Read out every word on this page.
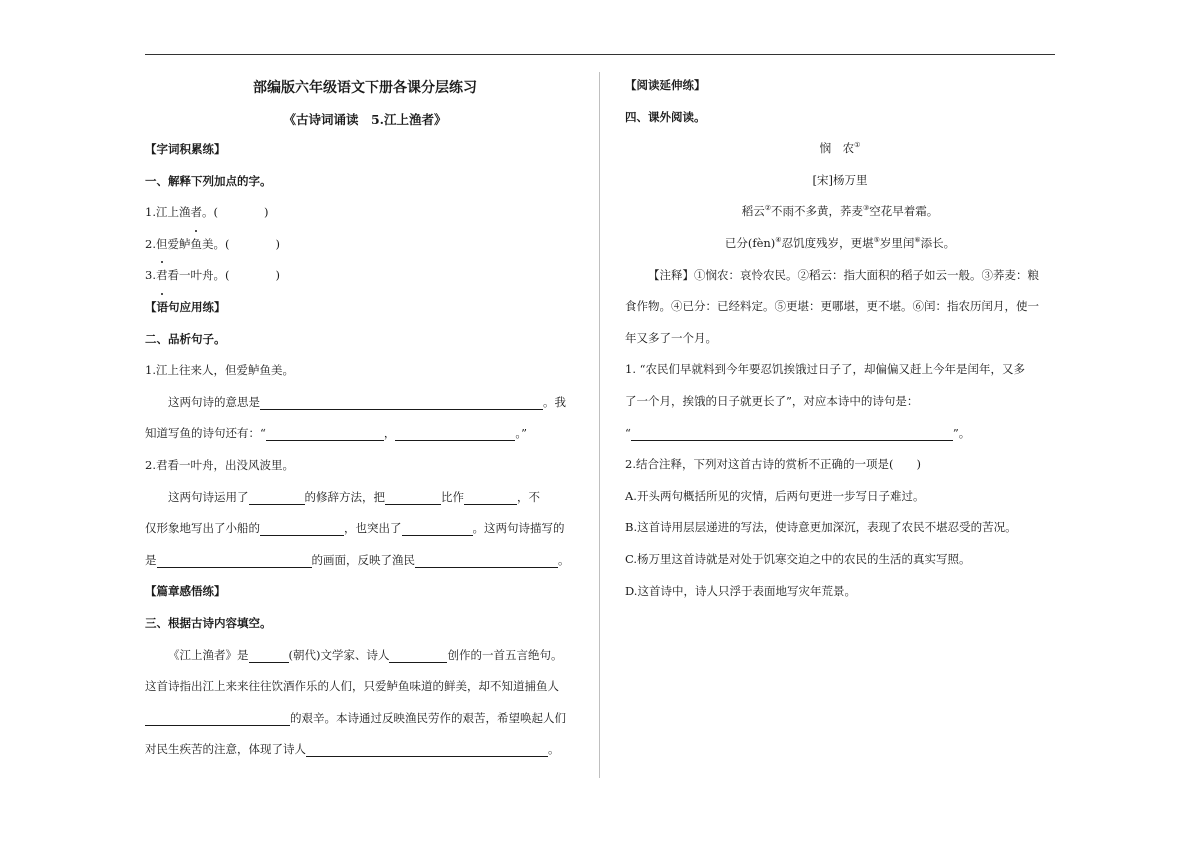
部编版六年级语文下册各课分层练习
《古诗词诵读　5.江上渔者》
【字词积累练】
一、解释下列加点的字。
1.江上渔者。(　　　　)
2.但爱鲈鱼美。(　　　　)
3.君看一叶舟。(　　　　)
【语句应用练】
二、品析句子。
1.江上往来人，但爱鲈鱼美。
这两句诗的意思是	。我
知道写鱼的诗句还有：“	，	。”
2.君看一叶舟，出没风波里。
这两句诗运用了	的修辞方法，把	比作	，不
仅形象地写出了小船的	，也突出了	。这两句诗描写的
是	的画面，反映了渔民	。
【篇章感悟练】
三、根据古诗内容填空。
《江上渔者》是	(朝代)文学家、诗人	创作的一首五言绝句。
这首诗指出江上来来往往饮酒作乐的人们，只爱鲈鱼味道的鲜美，却不知道捕鱼人
的艰辛。本诗通过反映渔民劳作的艰苦，希望唤起人们
对民生疾苦的注意，体现了诗人	。
【阅读延伸练】
四、课外阅读。
悯　农①
[宋]杨万里
稻云②不雨不多黄，荞麦③空花早着霜。
已分(fèn)④忍饥度残岁，更堪⑤岁里闰⑥添长。
【注释】①悯农：哀怜农民。②稻云：指大面积的稻子如云一般。③荞麦：粮
食作物。④已分：已经料定。⑤更堪：更哪堪，更不堪。⑥闰：指农历闰月，使一
年又多了一个月。
1. “农民们早就料到今年要忍饥挨饿过日子了，却偏偏又赶上今年是闰年，又多
了一个月，挨饿的日子就更长了”，对应本诗中的诗句是：
“	”。
2.结合注释，下列对这首古诗的赏析不正确的一项是(　　)
A.开头两句概括所见的灾情，后两句更进一步写日子难过。
B.这首诗用层层递进的写法，使诗意更加深沉，表现了农民不堪忍受的苦况。
C.杨万里这首诗就是对处于饥寒交迫之中的农民的生活的真实写照。
D.这首诗中，诗人只浮于表面地写灾年荒景。
